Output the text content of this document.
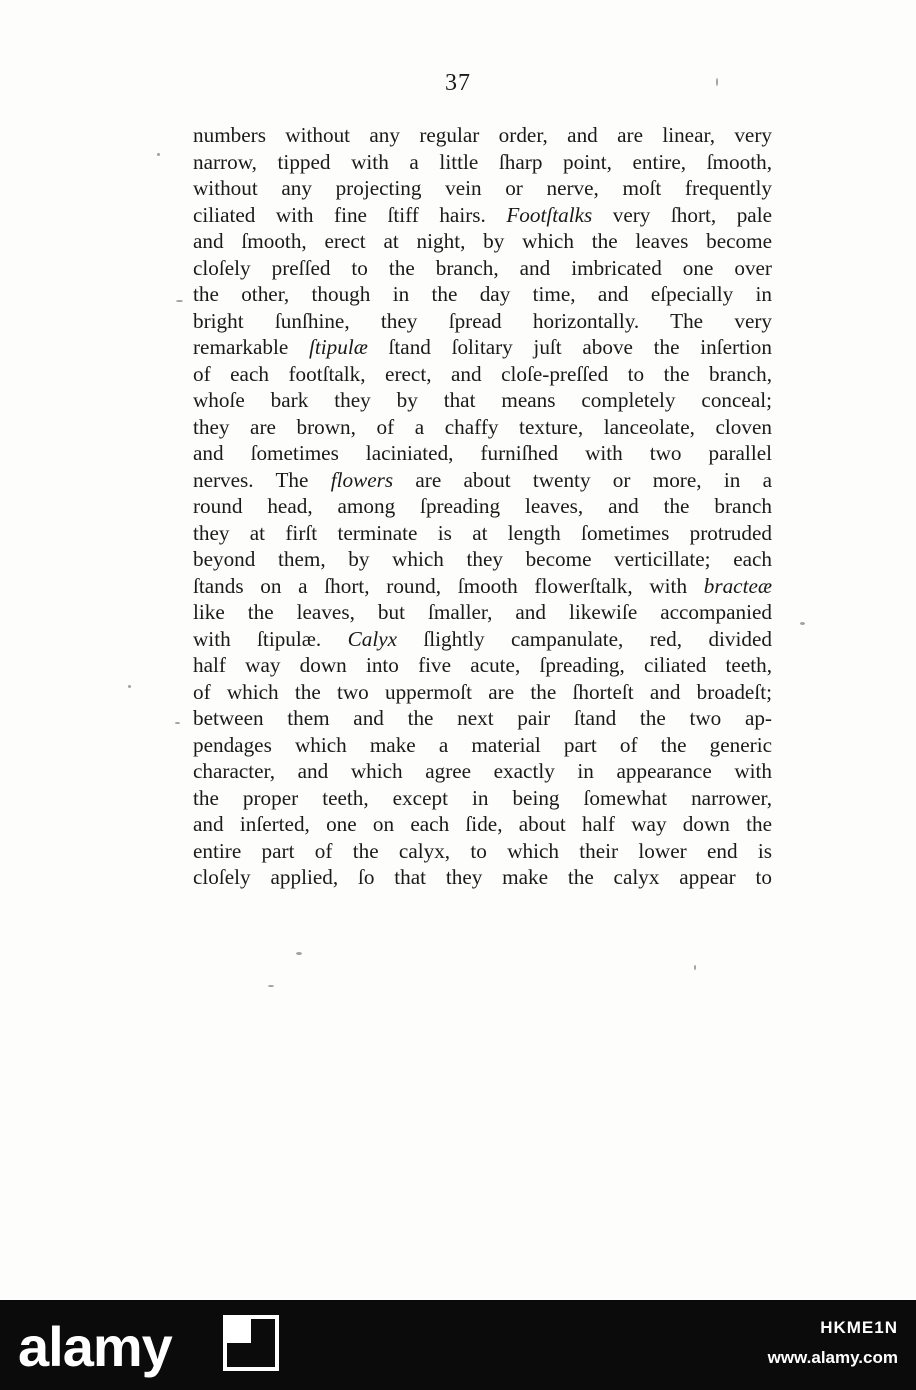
37
numbers without any regular order, and are linear, very
narrow, tipped with a little ſharp point, entire, ſmooth,
without any projecting vein or nerve, moſt frequently
ciliated with fine ſtiff hairs. Footſtalks very ſhort, pale
and ſmooth, erect at night, by which the leaves become
cloſely preſſed to the branch, and imbricated one over
the other, though in the day time, and eſpecially in
bright ſunſhine, they ſpread horizontally. The very
remarkable ſtipulæ ſtand ſolitary juſt above the inſertion
of each footſtalk, erect, and cloſe-preſſed to the branch,
whoſe bark they by that means completely conceal;
they are brown, of a chaffy texture, lanceolate, cloven
and ſometimes laciniated, furniſhed with two parallel
nerves. The flowers are about twenty or more, in a
round head, among ſpreading leaves, and the branch
they at firſt terminate is at length ſometimes protruded
beyond them, by which they become verticillate; each
ſtands on a ſhort, round, ſmooth flowerſtalk, with bracteæ
like the leaves, but ſmaller, and likewiſe accompanied
with ſtipulæ. Calyx ſlightly campanulate, red, divided
half way down into five acute, ſpreading, ciliated teeth,
of which the two uppermoſt are the ſhorteſt and broadeſt;
between them and the next pair ſtand the two ap-
pendages which make a material part of the generic
character, and which agree exactly in appearance with
the proper teeth, except in being ſomewhat narrower,
and inſerted, one on each ſide, about half way down the
entire part of the calyx, to which their lower end is
cloſely applied, ſo that they make the calyx appear to
alamy	HKME1N
www.alamy.com
